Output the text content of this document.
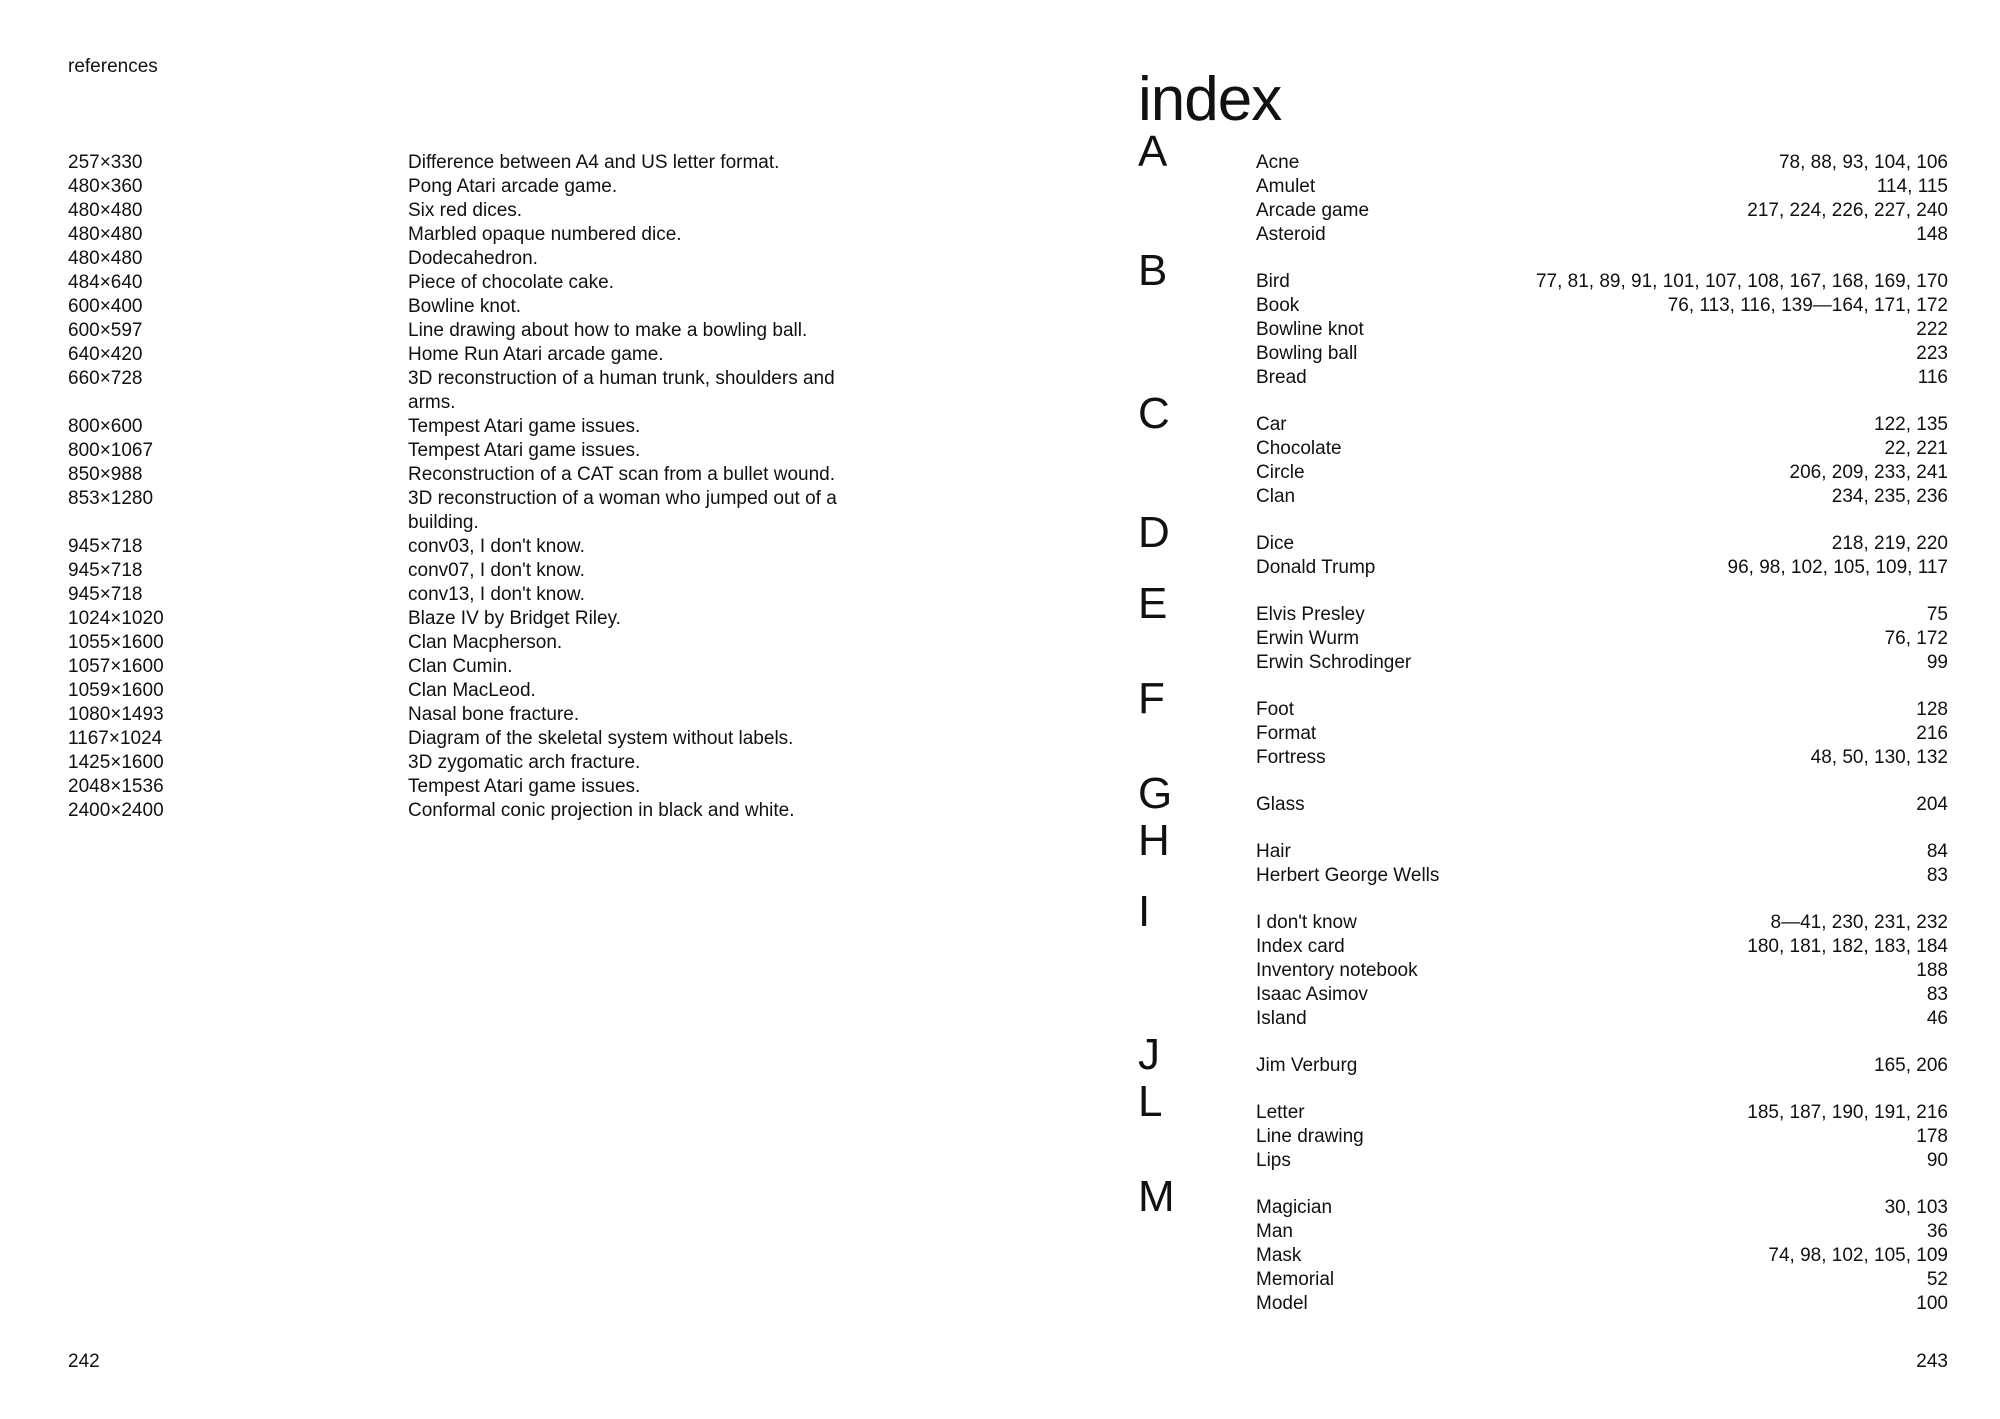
references
257×330	Difference between A4 and US letter format.
480×360	Pong Atari arcade game.
480×480	Six red dices.
480×480	Marbled opaque numbered dice.
480×480	Dodecahedron.
484×640	Piece of chocolate cake.
600×400	Bowline knot.
600×597	Line drawing about how to make a bowling ball.
640×420	Home Run Atari arcade game.
660×728	3D reconstruction of a human trunk, shoulders and arms.
800×600	Tempest Atari game issues.
800×1067	Tempest Atari game issues.
850×988	Reconstruction of a CAT scan from a bullet wound.
853×1280	3D reconstruction of a woman who jumped out of a building.
945×718	conv03, I don't know.
945×718	conv07, I don't know.
945×718	conv13, I don't know.
1024×1020	Blaze IV by Bridget Riley.
1055×1600	Clan Macpherson.
1057×1600	Clan Cumin.
1059×1600	Clan MacLeod.
1080×1493	Nasal bone fracture.
1167×1024	Diagram of the skeletal system without labels.
1425×1600	3D zygomatic arch fracture.
2048×1536	Tempest Atari game issues.
2400×2400	Conformal conic projection in black and white.
242
index
A	Acne	78, 88, 93, 104, 106
Amulet	114, 115
Arcade game	217, 224, 226, 227, 240
Asteroid	148
B	Bird	77, 81, 89, 91, 101, 107, 108, 167, 168, 169, 170
Book	76, 113, 116, 139—164, 171, 172
Bowline knot	222
Bowling ball	223
Bread	116
C	Car	122, 135
Chocolate	22, 221
Circle	206, 209, 233, 241
Clan	234, 235, 236
D	Dice	218, 219, 220
Donald Trump	96, 98, 102, 105, 109, 117
E	Elvis Presley	75
Erwin Wurm	76, 172
Erwin Schrodinger	99
F	Foot	128
Format	216
Fortress	48, 50, 130, 132
G	Glass	204
H	Hair	84
Herbert George Wells	83
I	I don't know	8—41, 230, 231, 232
Index card	180, 181, 182, 183, 184
Inventory notebook	188
Isaac Asimov	83
Island	46
J	Jim Verburg	165, 206
L	Letter	185, 187, 190, 191, 216
Line drawing	178
Lips	90
M	Magician	30, 103
Man	36
Mask	74, 98, 102, 105, 109
Memorial	52
Model	100
243
